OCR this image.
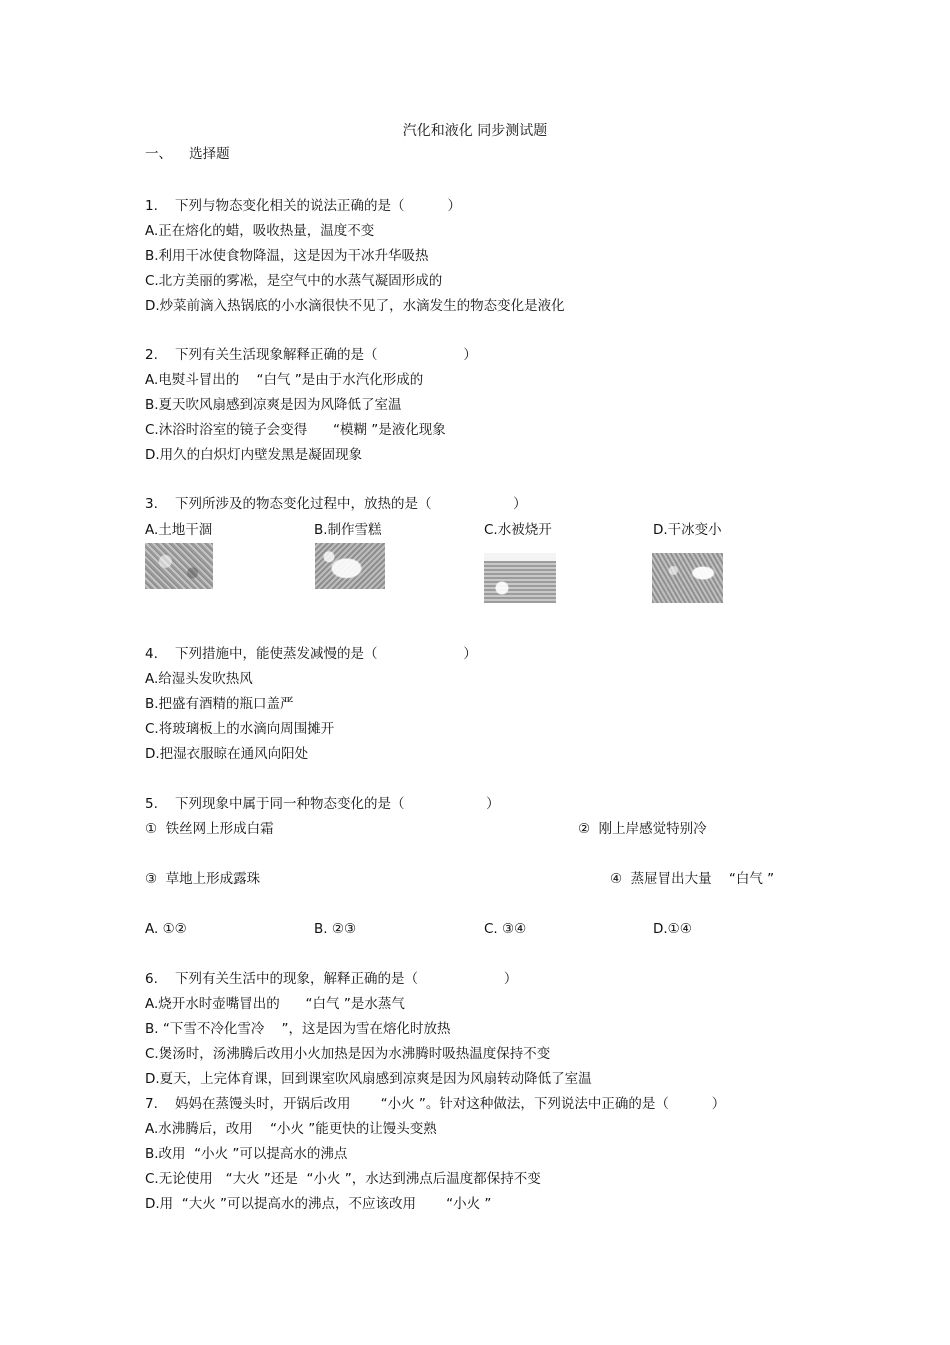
汽化和液化 同步测试题
一、    选择题
1.    下列与物态变化相关的说法正确的是（          ）
A.正在熔化的蜡，吸收热量，温度不变
B.利用干冰使食物降温，这是因为干冰升华吸热
C.北方美丽的雾凇，是空气中的水蒸气凝固形成的
D.炒菜前滴入热锅底的小水滴很快不见了，水滴发生的物态变化是液化
2.    下列有关生活现象解释正确的是（                    ）
A.电熨斗冒出的    “白气 ”是由于水汽化形成的
B.夏天吹风扇感到凉爽是因为风降低了室温
C.沐浴时浴室的镜子会变得      “模糊 ”是液化现象
D.用久的白炽灯内壁发黑是凝固现象
3.    下列所涉及的物态变化过程中，放热的是（                   ）
A.土地干涸	B.制作雪糕	C.水被烧开	D.干冰变小
4.    下列措施中，能使蒸发减慢的是（                    ）
A.给湿头发吹热风
B.把盛有酒精的瓶口盖严
C.将玻璃板上的水滴向周围摊开
D.把湿衣服晾在通风向阳处
5.    下列现象中属于同一种物态变化的是（                   ）
①  铁丝网上形成白霜	②  刚上岸感觉特别冷
③  草地上形成露珠	④  蒸屉冒出大量    “白气 ”
A. ①②	B. ②③	C. ③④	D.①④
6.    下列有关生活中的现象，解释正确的是（                    ）
A.烧开水时壶嘴冒出的      “白气 ”是水蒸气
B. “下雪不冷化雪冷    ”，这是因为雪在熔化时放热
C.煲汤时，汤沸腾后改用小火加热是因为水沸腾时吸热温度保持不变
D.夏天，上完体育课，回到课室吹风扇感到凉爽是因为风扇转动降低了室温
7.    妈妈在蒸馒头时，开锅后改用       “小火 ”。针对这种做法，下列说法中正确的是（          ）
A.水沸腾后，改用    “小火 ”能更快的让馒头变熟
B.改用  “小火 ”可以提高水的沸点
C.无论使用   “大火 ”还是  “小火 ”，水达到沸点后温度都保持不变
D.用  “大火 ”可以提高水的沸点，不应该改用       “小火 ”
